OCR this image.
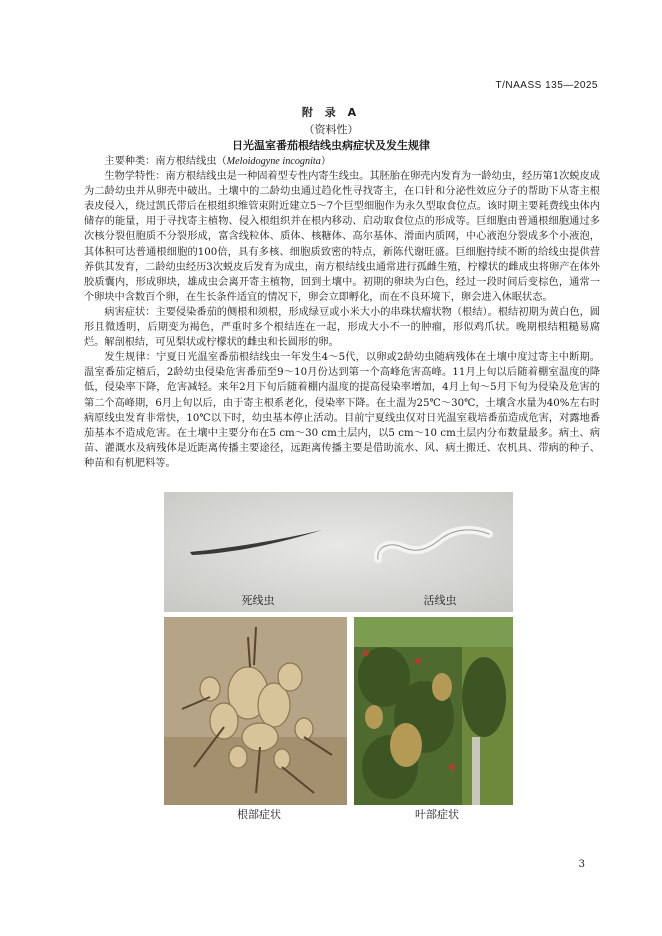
T/NAASS 135—2025
附 录 A
（资料性）
日光温室番茄根结线虫病症状及发生规律

主要种类：南方根结线虫（Meloidogyne incognita）

生物学特性：南方根结线虫是一种固着型专性内寄生线虫。其胚胎在卵壳内发育为一龄幼虫，经历第1次蜕皮成为二龄幼虫并从卵壳中破出。土壤中的二龄幼虫通过趋化性寻找寄主，在口针和分泌性效应分子的帮助下从寄主根表皮侵入，绕过凯氏带后在根组织维管束附近建立5～7个巨型细胞作为永久型取食位点。该时期主要耗费线虫体内储存的能量，用于寻找寄主植物、侵入根组织并在根内移动、启动取食位点的形成等。巨细胞由普通根细胞通过多次核分裂但胞质不分裂形成，富含线粒体、质体、核糖体、高尔基体、滑面内质网，中心液泡分裂成多个小液泡，其体积可达普通根细胞的100倍，具有多核、细胞质致密的特点，新陈代谢旺盛。巨细胞持续不断的给线虫提供营养供其发育，二龄幼虫经历3次蜕皮后发育为成虫，南方根结线虫通常进行孤雌生殖，柠檬状的雌成虫将卵产在体外胶质囊内，形成卵块，雄成虫会离开寄主植物，回到土壤中。初期的卵块为白色，经过一段时间后变棕色，通常一个卵块中含数百个卵，在生长条件适宜的情况下，卵会立即孵化，而在不良环境下，卵会进入休眠状态。

病害症状：主要侵染番茄的侧根和须根，形成绿豆或小米大小的串珠状瘤状物（根结）。根结初期为黄白色，圆形且微透明，后期变为褐色，严重时多个根结连在一起，形成大小不一的肿瘤，形似鸡爪状。晚期根结粗糙易腐烂。解剖根结，可见梨状或柠檬状的雌虫和长圆形的卵。

发生规律：宁夏日光温室番茄根结线虫一年发生4～5代，以卵或2龄幼虫随病残体在土壤中度过寄主中断期。温室番茄定植后，2龄幼虫侵染危害番茄至9～10月份达到第一个高峰危害高峰。11月上旬以后随着棚室温度的降低，侵染率下降，危害减轻。来年2月下旬后随着棚内温度的提高侵染率增加，4月上旬～5月下旬为侵染及危害的第二个高峰期，6月上旬以后，由于寄主根系老化，侵染率下降。在土温为25℃～30℃，土壤含水量为40%左右时病原线虫发育非常快，10℃以下时，幼虫基本停止活动。目前宁夏线虫仅对日光温室栽培番茄造成危害，对露地番茄基本不造成危害。在土壤中主要分布在5 cm～30 cm土层内，以5 cm～10 cm土层内分布数量最多。病土、病苗、灌溉水及病残体是近距离传播主要途径，远距离传播主要是借助流水、风、病土搬迁、农机具、带病的种子、种苗和有机肥料等。

死线虫	活线虫
根部症状	叶部症状
3
